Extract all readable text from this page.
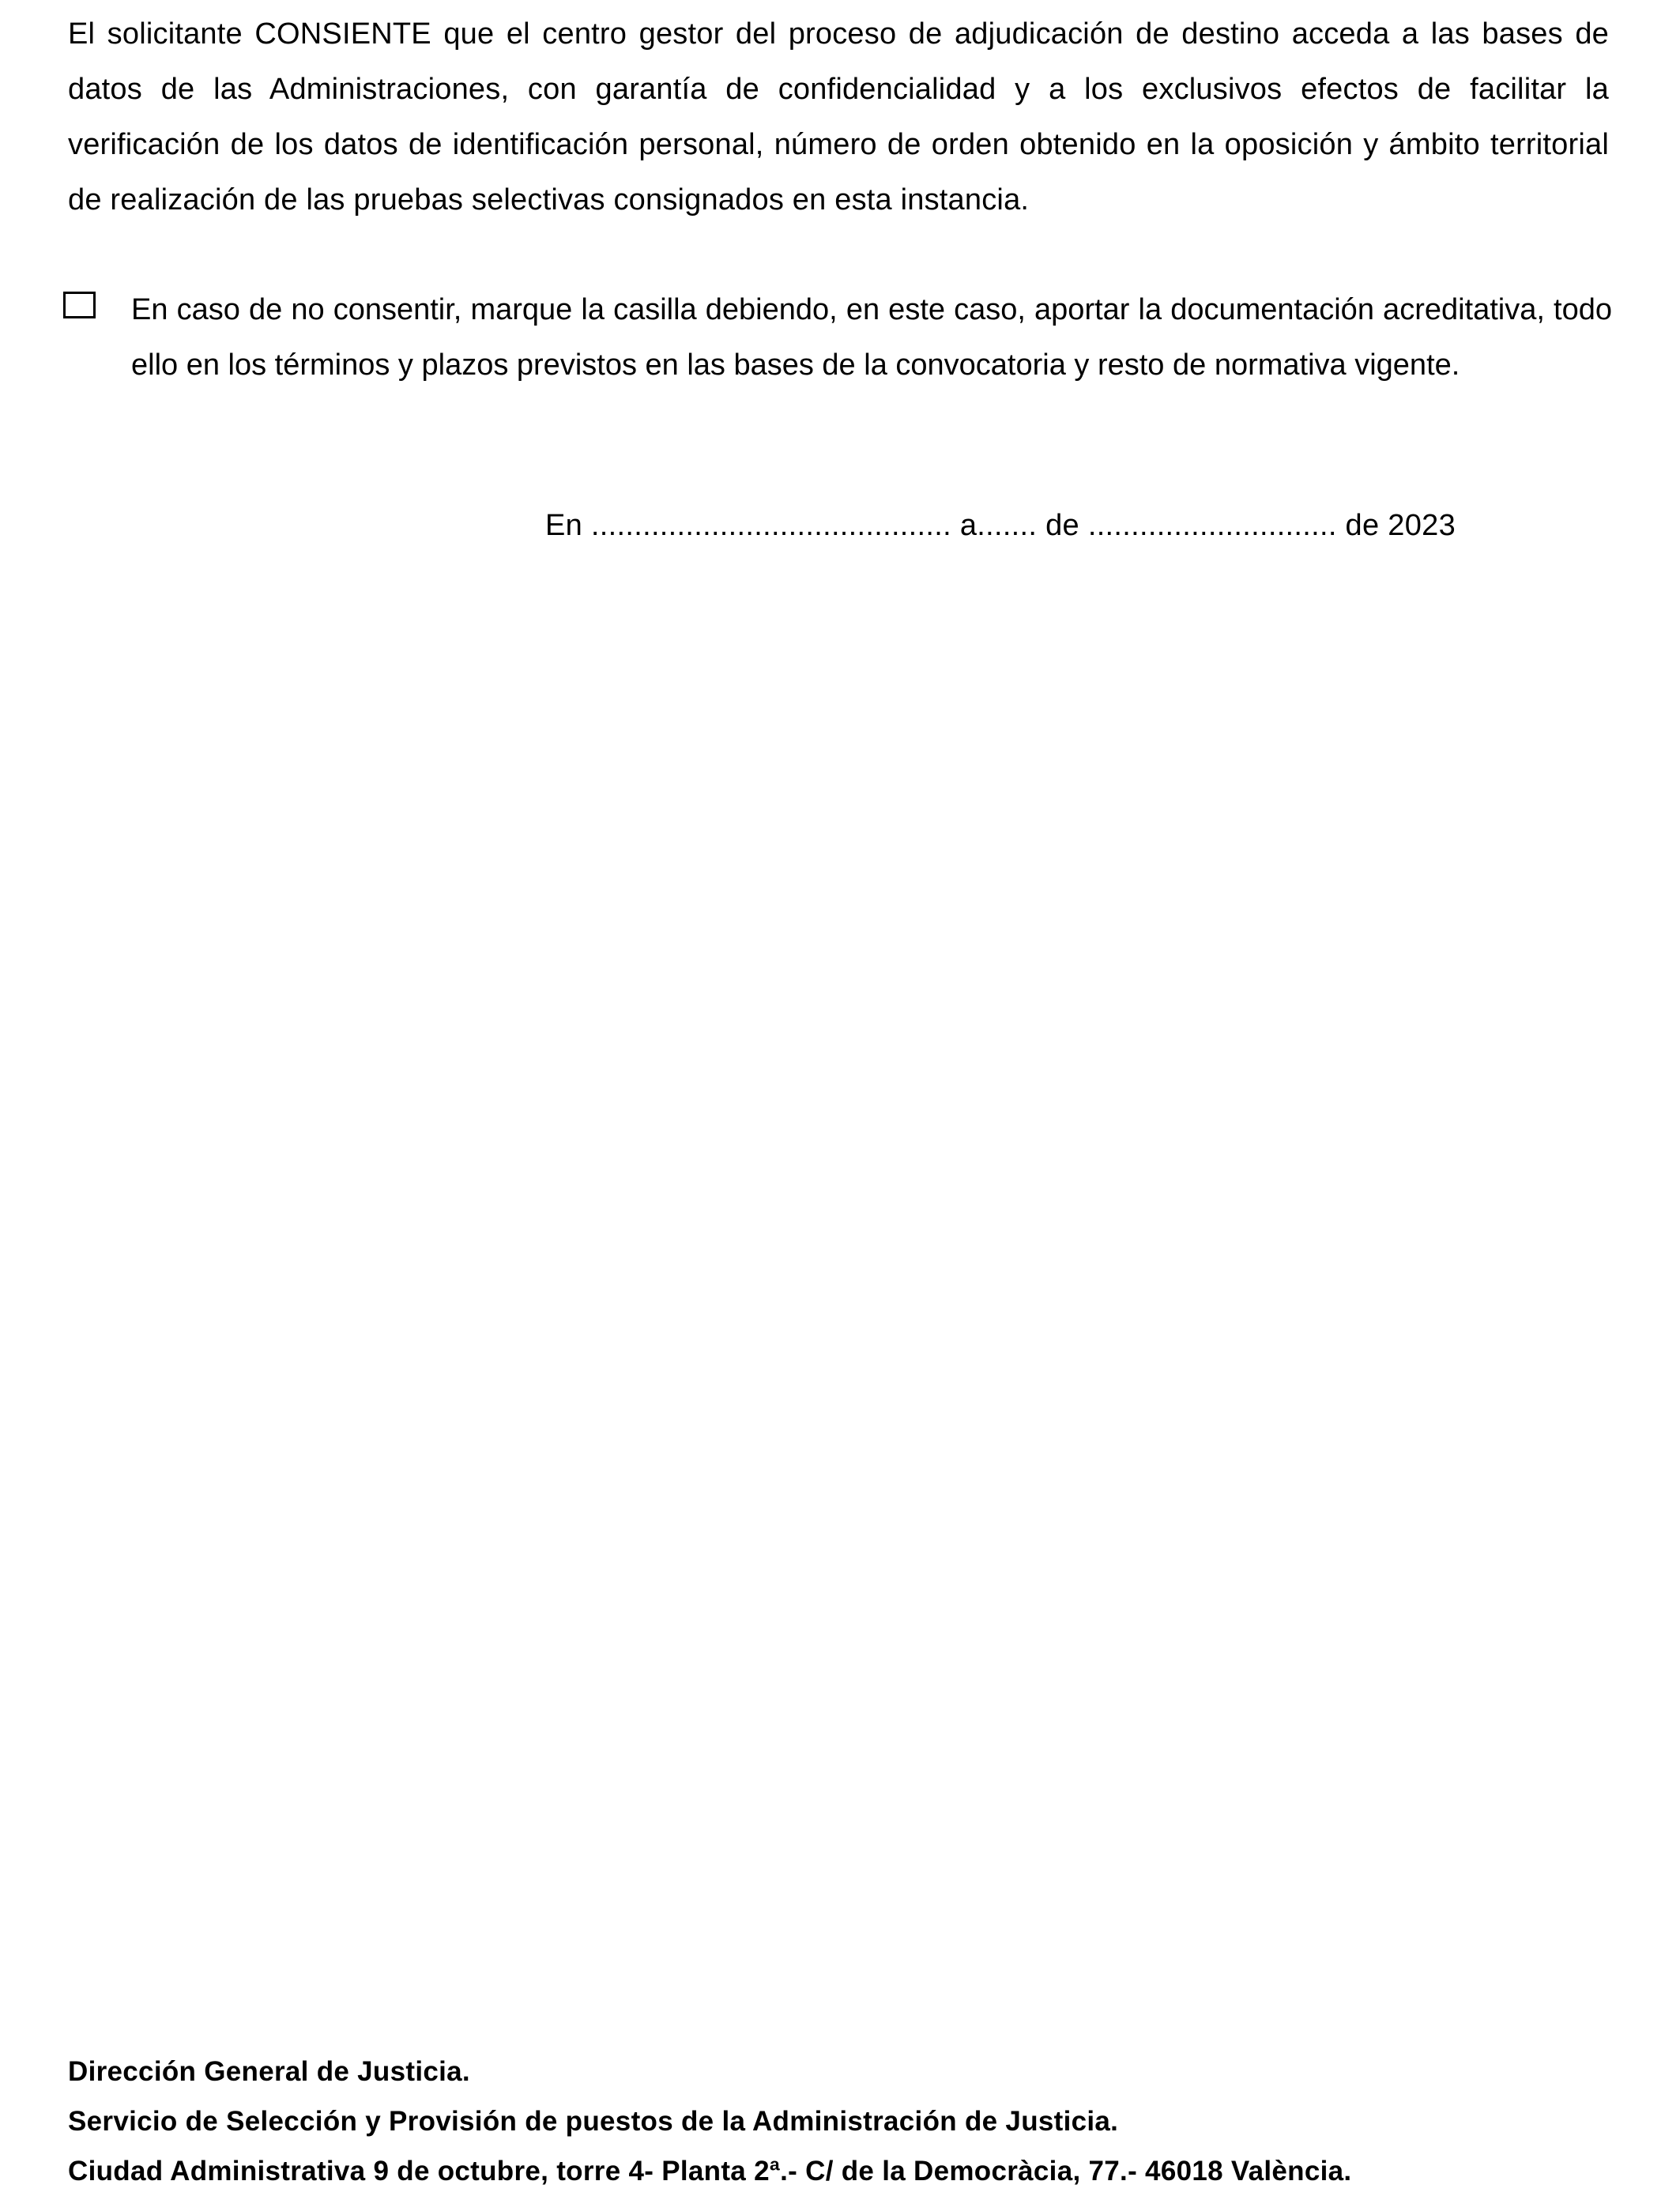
El solicitante CONSIENTE que el centro gestor del proceso de adjudicación de destino acceda a las bases de datos de las Administraciones, con garantía de confidencialidad y a los exclusivos efectos de facilitar la verificación de los datos de identificación personal, número de orden obtenido en la oposición y ámbito territorial de realización de las pruebas selectivas consignados en esta instancia.

En caso de no consentir, marque la casilla debiendo, en este caso, aportar la documentación acreditativa, todo ello en los términos y plazos previstos en las bases de la convocatoria y resto de normativa vigente.

En .......................................... a....... de ............................. de 2023
Dirección General de Justicia.
Servicio de Selección y Provisión de puestos de la Administración de Justicia.
Ciudad Administrativa 9 de octubre, torre 4- Planta 2ª.- C/ de la Democràcia, 77.- 46018 València.
